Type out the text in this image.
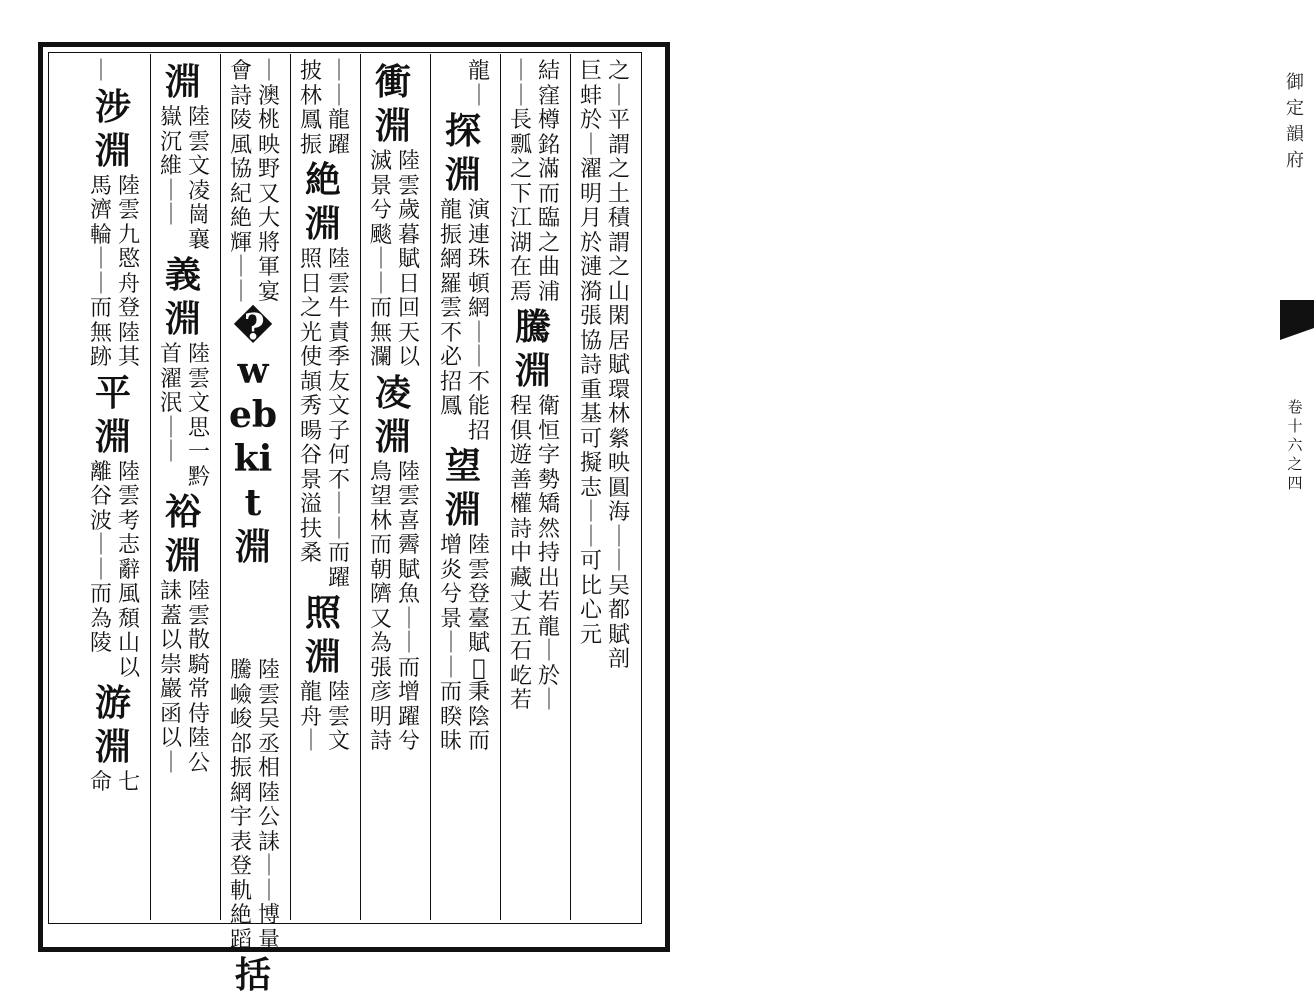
御定韻府
卷十六之四
之｜平謂之土積謂之山閑居賦環林縈映圓海｜｜吴都賦剖
巨蚌於｜濯明月於漣漪張協詩重基可擬志｜｜可比心元
結窪樽銘滿而臨之曲浦
｜｜長瓢之下江湖在焉
騰淵
衛恒字勢矯然持出若龍｜於｜
程俱遊善權詩中藏丈五石屹若
龍｜
探淵
演連珠頓網｜｜不能招
龍振網羅雲不必招鳳
望淵
陸雲登臺賦𪢈秉陰而
增炎兮景｜｜而睽昧
衝淵
陸雲歲暮賦日回天以
滅景兮颷｜｜而無瀾
凌淵
陸雲喜霽賦魚｜｜而增躍兮
鳥望林而朝隮又為張彦明詩
｜｜龍躍
披林鳳振
絶淵
陸雲牛責季友文子何不｜｜而躍
照日之光使頡秀暘谷景溢扶桑
照淵
陸雲文
龍舟｜
｜澳桃映野又大將軍宴
會詩陵風協紀絶輝｜｜
�webkit淵
陸雲吴丞相陸公誄｜｜博量
騰嶮峻郃振網宇表登軌絶蹈
括
淵
陸雲文凌崗襄
嶽沉維｜｜
義淵
陸雲文思一黔
首濯泯｜｜
裕淵
陸雲散騎常侍陸公
誄蓋以崇巖函以｜
｜
涉淵
陸雲九愍舟登陸其
馬濟輪｜｜而無跡
平淵
陸雲考志辭風頹山以
離谷波｜｜而為陵
游淵
七
命
